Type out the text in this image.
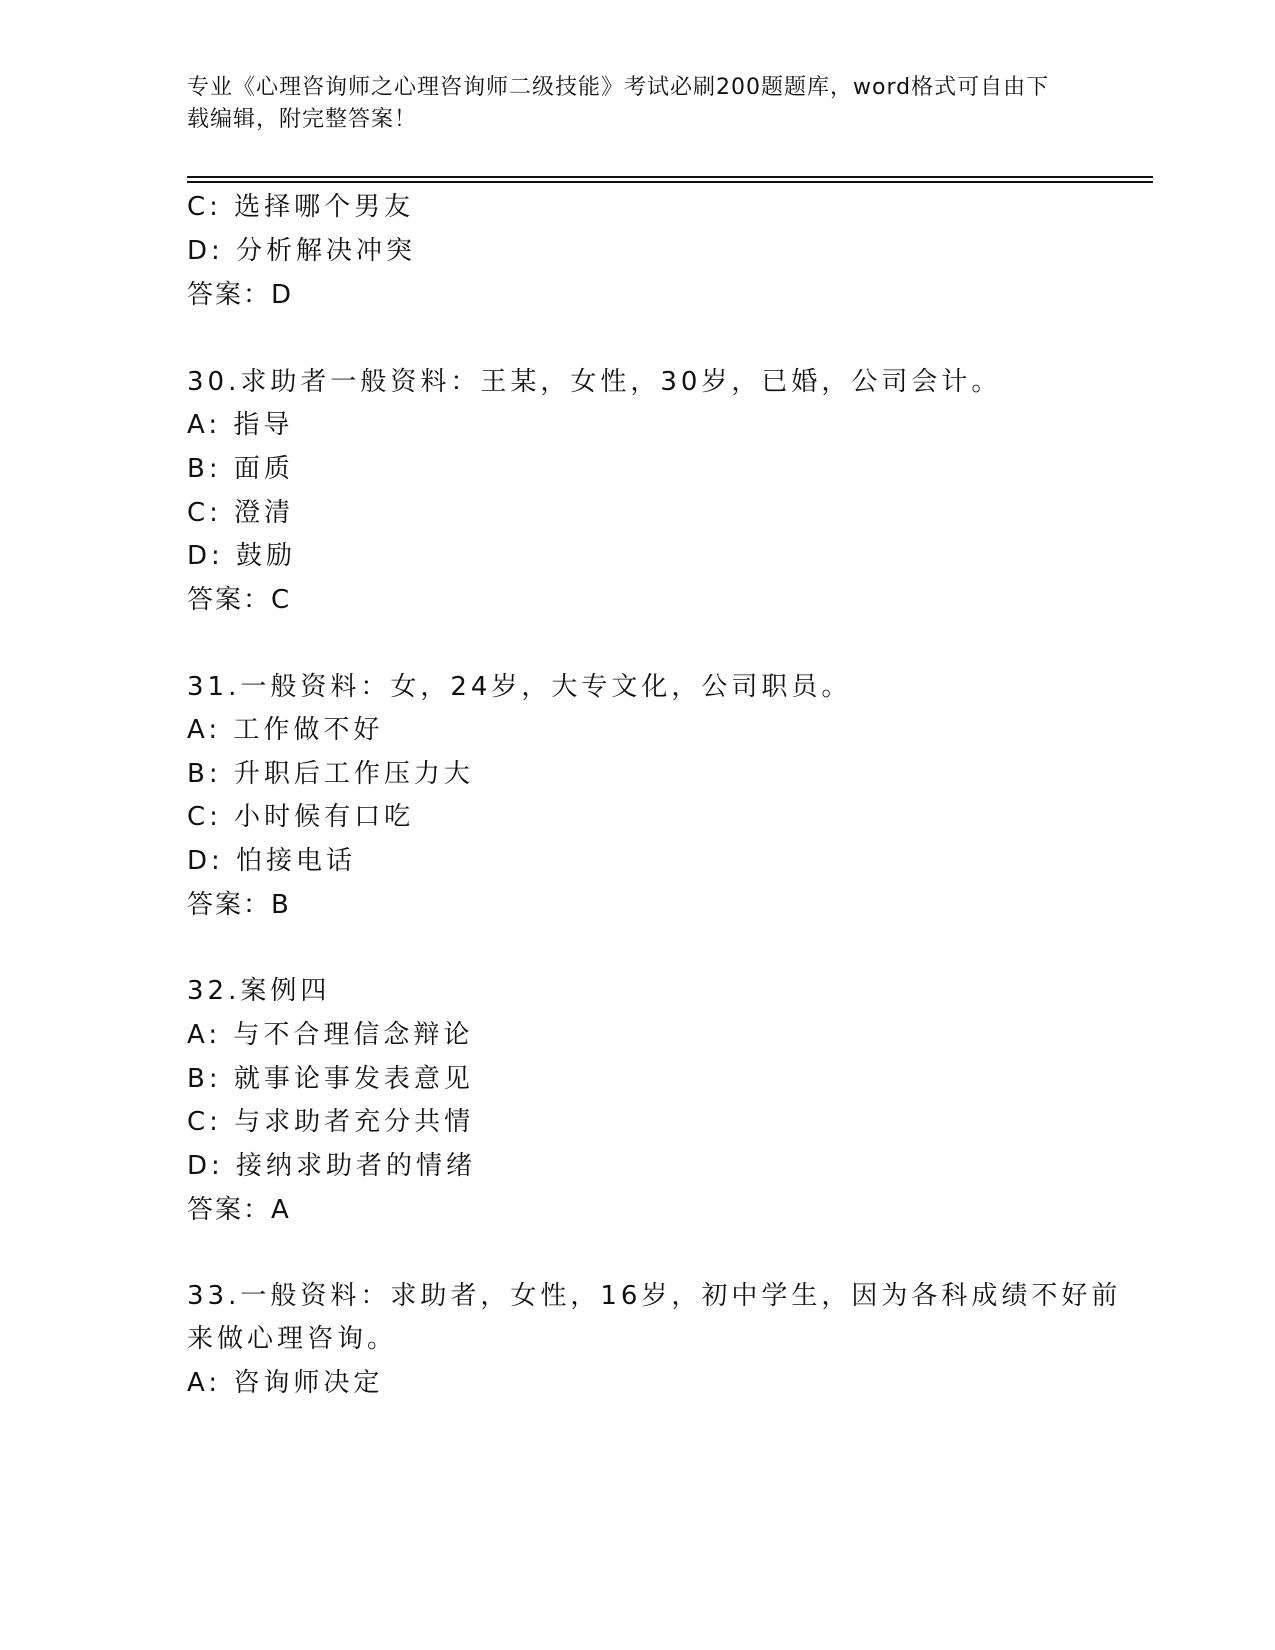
专业《心理咨询师之心理咨询师二级技能》考试必刷200题题库，word格式可自由下载编辑，附完整答案！
C: 选择哪个男友
D: 分析解决冲突
答案：D
30.求助者一般资料：王某，女性，30岁，已婚，公司会计。
A: 指导
B: 面质
C: 澄清
D: 鼓励
答案：C
31.一般资料：女，24岁，大专文化，公司职员。
A: 工作做不好
B: 升职后工作压力大
C: 小时候有口吃
D: 怕接电话
答案：B
32.案例四
A: 与不合理信念辩论
B: 就事论事发表意见
C: 与求助者充分共情
D: 接纳求助者的情绪
答案：A
33.一般资料：求助者，女性，16岁，初中学生，因为各科成绩不好前
来做心理咨询。
A: 咨询师决定
